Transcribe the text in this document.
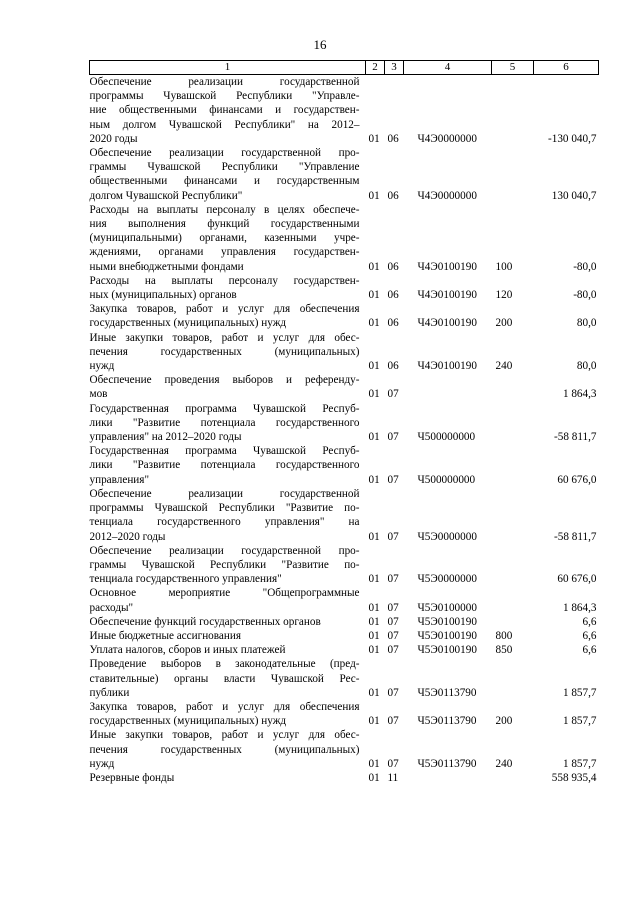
16
1	2	3	4	5	6

Обеспечение реализации государственной
программы Чувашской Республики "Управле-
ние общественными финансами и государствен-
ным долгом Чувашской Республики" на 2012–
2020 годы	01	06	Ч4Э0000000		-130 040,7

Обеспечение реализации государственной про-
граммы Чувашской Республики "Управление
общественными финансами и государственным
долгом Чувашской Республики"	01	06	Ч4Э0000000		130 040,7

Расходы на выплаты персоналу в целях обеспече-
ния выполнения функций государственными
(муниципальными) органами, казенными учре-
ждениями, органами управления государствен-
ными внебюджетными фондами	01	06	Ч4Э0100190	100	-80,0

Расходы на выплаты персоналу государствен-
ных (муниципальных) органов	01	06	Ч4Э0100190	120	-80,0

Закупка товаров, работ и услуг для обеспечения
государственных (муниципальных) нужд	01	06	Ч4Э0100190	200	80,0

Иные закупки товаров, работ и услуг для обес-
печения государственных (муниципальных)
нужд	01	06	Ч4Э0100190	240	80,0

Обеспечение проведения выборов и референду-
мов	01	07			1 864,3

Государственная программа Чувашской Респуб-
лики "Развитие потенциала государственного
управления" на 2012–2020 годы	01	07	Ч500000000		-58 811,7

Государственная программа Чувашской Респуб-
лики "Развитие потенциала государственного
управления"	01	07	Ч500000000		60 676,0

Обеспечение реализации государственной
программы Чувашской Республики "Развитие по-
тенциала государственного управления" на
2012–2020 годы	01	07	Ч5Э0000000		-58 811,7

Обеспечение реализации государственной про-
граммы Чувашской Республики "Развитие по-
тенциала государственного управления"	01	07	Ч5Э0000000		60 676,0

Основное мероприятие "Общепрограммные
расходы"	01	07	Ч5Э0100000		1 864,3

Обеспечение функций государственных органов	01	07	Ч5Э0100190		6,6

Иные бюджетные ассигнования	01	07	Ч5Э0100190	800	6,6

Уплата налогов, сборов и иных платежей	01	07	Ч5Э0100190	850	6,6

Проведение выборов в законодательные (пред-
ставительные) органы власти Чувашской Рес-
публики	01	07	Ч5Э0113790		1 857,7

Закупка товаров, работ и услуг для обеспечения
государственных (муниципальных) нужд	01	07	Ч5Э0113790	200	1 857,7

Иные закупки товаров, работ и услуг для обес-
печения государственных (муниципальных)
нужд	01	07	Ч5Э0113790	240	1 857,7

Резервные фонды	01	11			558 935,4
